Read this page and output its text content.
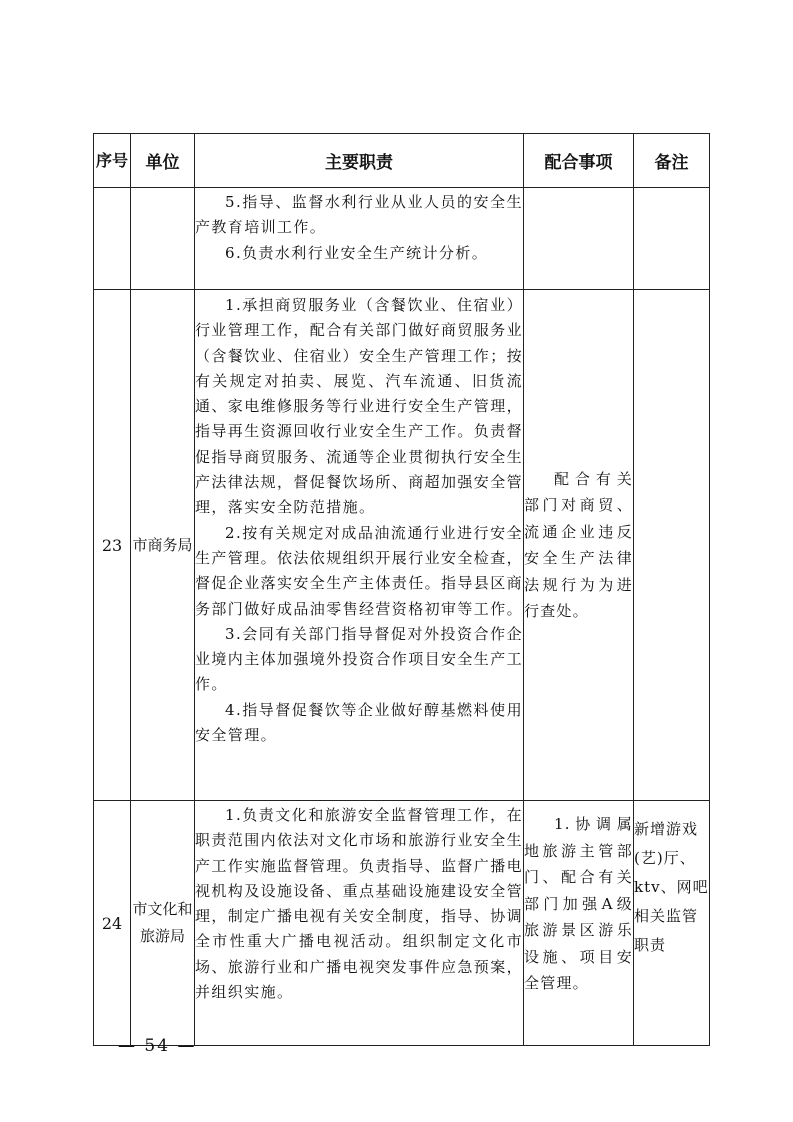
序号	单位	主要职责	配合事项	备注

		5.指导、监督水利行业从业人员的安全生产教育培训工作。

6.负责水利行业安全生产统计分析。		

23	市商务局	1.承担商贸服务业（含餐饮业、住宿业）行业管理工作，配合有关部门做好商贸服务业（含餐饮业、住宿业）安全生产管理工作；按有关规定对拍卖、展览、汽车流通、旧货流通、家电维修服务等行业进行安全生产管理，指导再生资源回收行业安全生产工作。负责督促指导商贸服务、流通等企业贯彻执行安全生产法律法规，督促餐饮场所、商超加强安全管理，落实安全防范措施。

2.按有关规定对成品油流通行业进行安全生产管理。依法依规组织开展行业安全检查，督促企业落实安全生产主体责任。指导县区商务部门做好成品油零售经营资格初审等工作。

3.会同有关部门指导督促对外投资合作企业境内主体加强境外投资合作项目安全生产工作。

4.指导督促餐饮等企业做好醇基燃料使用安全管理。	配合有关部门对商贸、流通企业违反安全生产法律法规行为为进行查处。	

24	市文化和旅游局	1.负责文化和旅游安全监督管理工作，在职责范围内依法对文化市场和旅游行业安全生产工作实施监督管理。负责指导、监督广播电视机构及设施设备、重点基础设施建设安全管理，制定广播电视有关安全制度，指导、协调全市性重大广播电视活动。组织制定文化市场、旅游行业和广播电视突发事件应急预案，并组织实施。	1.协调属地旅游主管部门、配合有关部门加强A级旅游景区游乐设施、项目安全管理。	新增游戏(艺)厅、ktv、网吧相关监管职责

— 54 —
